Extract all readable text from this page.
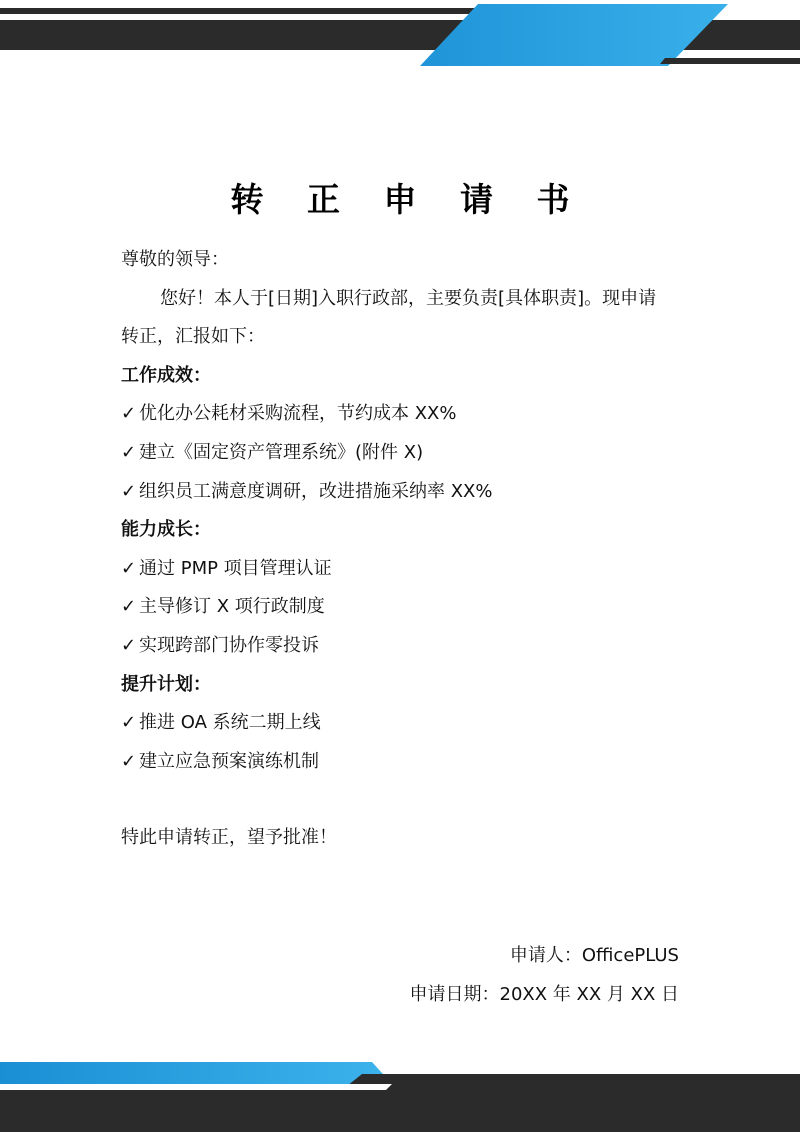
转 正 申 请 书
尊敬的领导：
您好！本人于[日期]入职行政部，主要负责[具体职责]。现申请
转正，汇报如下：
工作成效：
✓ 优化办公耗材采购流程，节约成本 XX%
✓ 建立《固定资产管理系统》(附件 X)
✓ 组织员工满意度调研，改进措施采纳率 XX%
能力成长：
✓ 通过 PMP 项目管理认证
✓ 主导修订 X 项行政制度
✓ 实现跨部门协作零投诉
提升计划：
✓ 推进 OA 系统二期上线
✓ 建立应急预案演练机制
特此申请转正，望予批准！
申请人：OfficePLUS
申请日期：20XX 年 XX 月 XX 日
